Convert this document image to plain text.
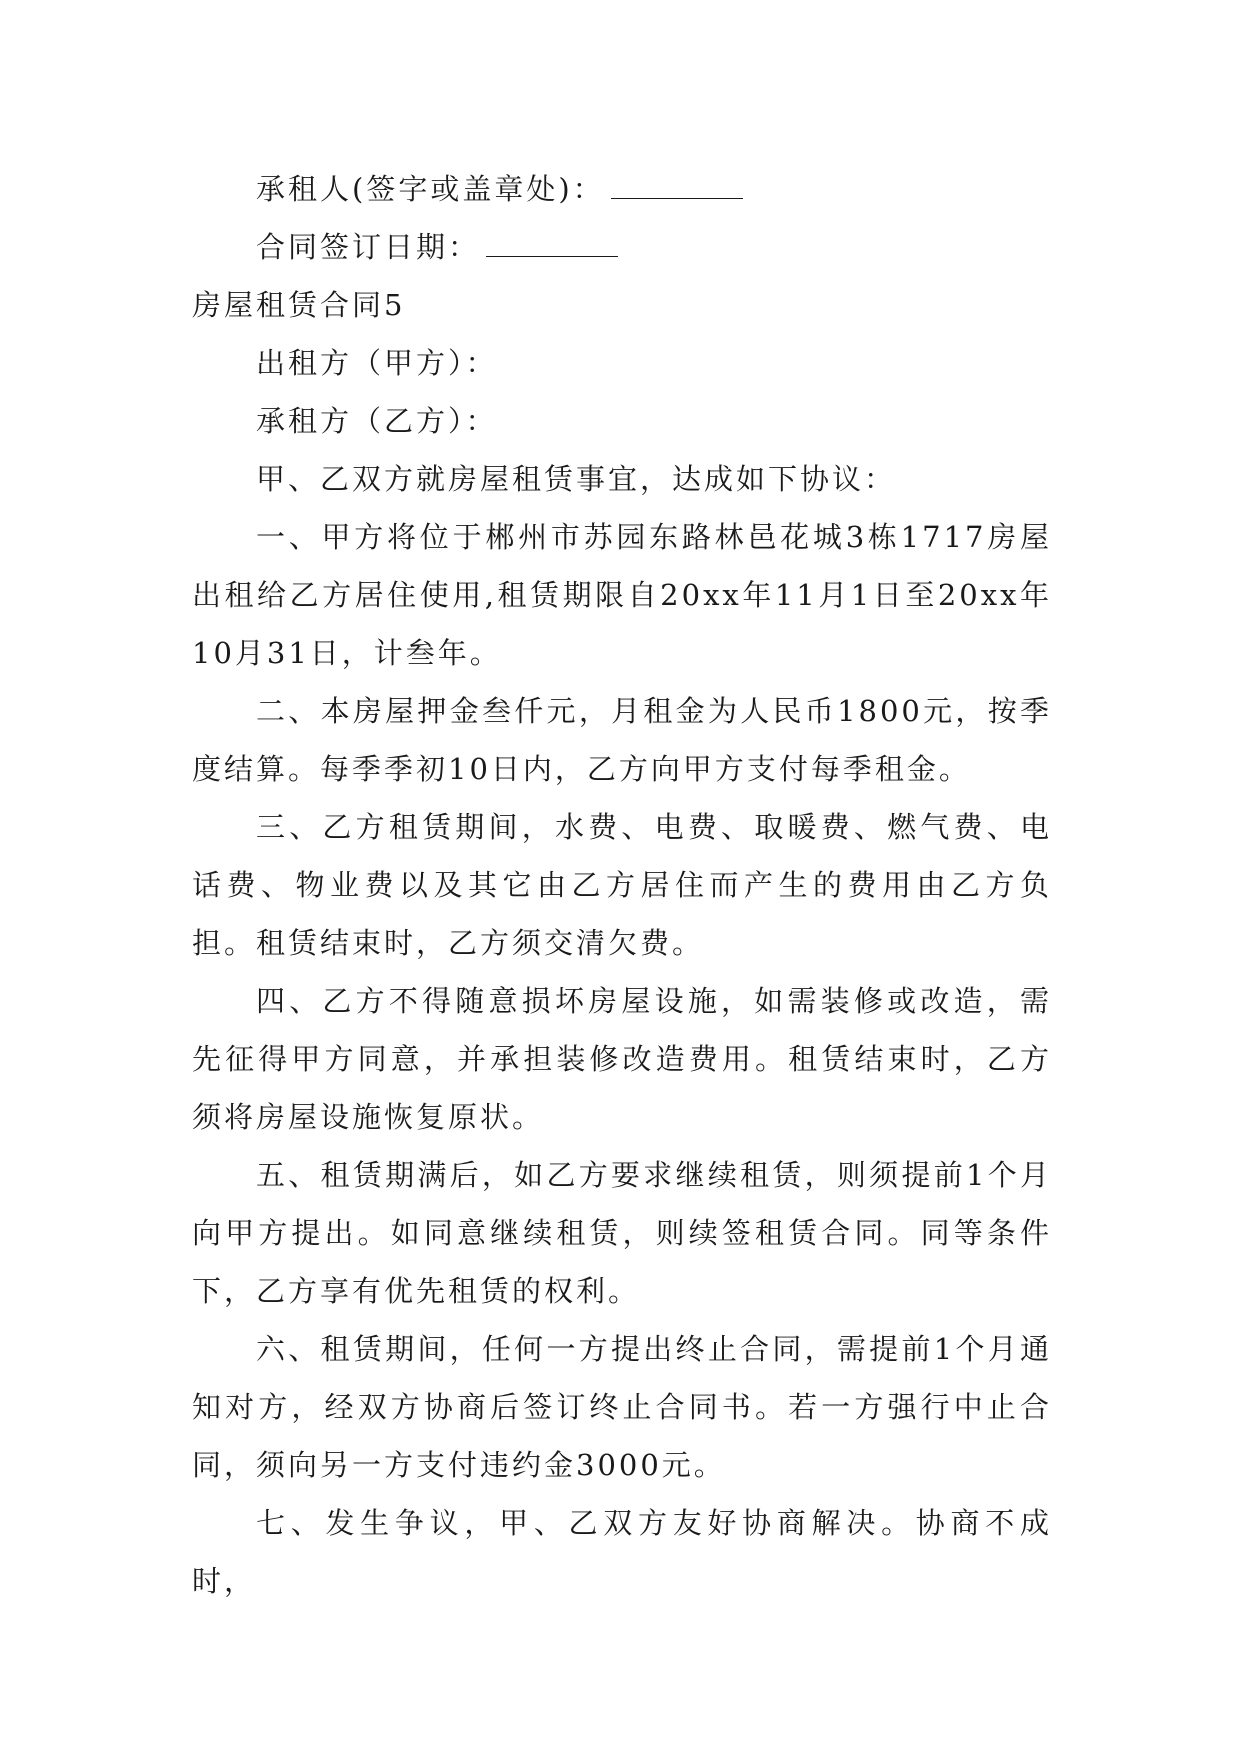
承租人(签字或盖章处)：
合同签订日期：
房屋租赁合同5
出租方（甲方）：
承租方（乙方）：
甲、乙双方就房屋租赁事宜，达成如下协议：

一、甲方将位于郴州市苏园东路林邑花城3栋1717房屋出租给乙方居住使用,租赁期限自20xx年11月1日至20xx年10月31日，计叁年。

二、本房屋押金叁仟元，月租金为人民币1800元，按季度结算。每季季初10日内，乙方向甲方支付每季租金。

三、乙方租赁期间，水费、电费、取暖费、燃气费、电话费、物业费以及其它由乙方居住而产生的费用由乙方负担。租赁结束时，乙方须交清欠费。

四、乙方不得随意损坏房屋设施，如需装修或改造，需先征得甲方同意，并承担装修改造费用。租赁结束时，乙方须将房屋设施恢复原状。

五、租赁期满后，如乙方要求继续租赁，则须提前1个月向甲方提出。如同意继续租赁，则续签租赁合同。同等条件下，乙方享有优先租赁的权利。

六、租赁期间，任何一方提出终止合同，需提前1个月通知对方，经双方协商后签订终止合同书。若一方强行中止合同，须向另一方支付违约金3000元。

七、发生争议，甲、乙双方友好协商解决。协商不成时，
